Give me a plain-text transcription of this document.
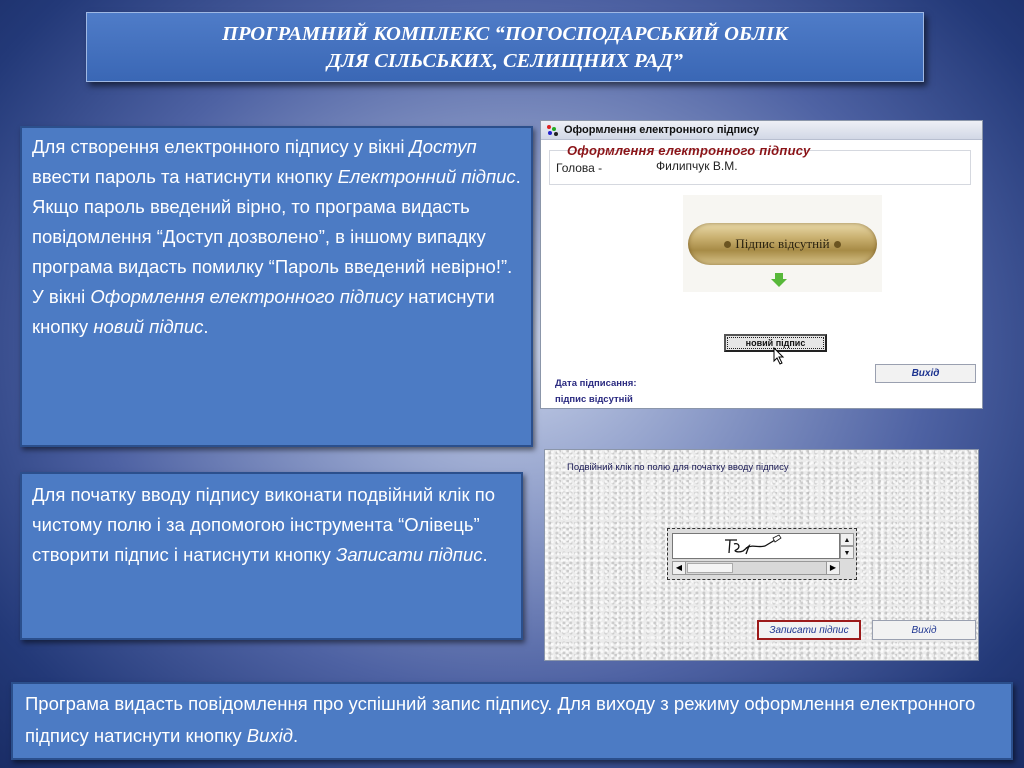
ПРОГРАМНИЙ КОМПЛЕКС “ПОГОСПОДАРСЬКИЙ ОБЛІК
ДЛЯ СІЛЬСЬКИХ, СЕЛИЩНИХ РАД”
Для створення електронного підпису у вікні Доступ ввести пароль та натиснути кнопку Електронний підпис. Якщо пароль введений вірно, то програма видасть повідомлення “Доступ дозволено”, в іншому випадку програма видасть помилку “Пароль введений невірно!”.
У вікні Оформлення електронного підпису натиснути кнопку новий підпис.
Для початку вводу підпису виконати подвійний клік по чистому полю і за допомогою інструмента “Олівець” створити підпис і натиснути кнопку Записати підпис.
Програма видасть повідомлення про успішний запис підпису. Для виходу з режиму оформлення електронного підпису натиснути кнопку Вихід.
Оформлення електронного підпису
Оформлення електронного підпису
Голова -	Филипчук В.М.
Підпис відсутній
новий підпис
Дата підписання:
підпис відсутній
Вихід
Подвійний клік по полю для початку вводу підпису
▲
▼
◀	▶
Записати підпис	Вихід
